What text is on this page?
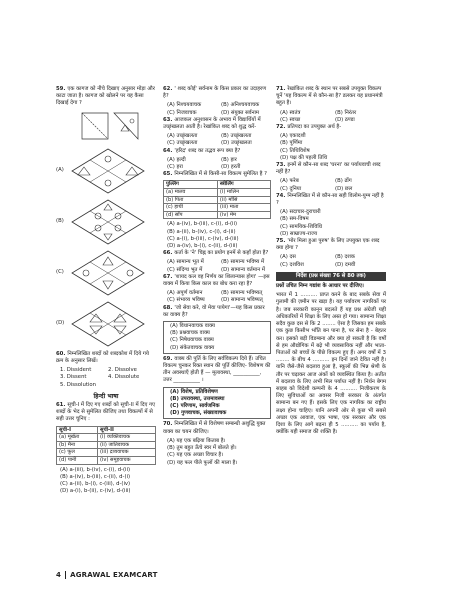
59. एक कागज को नीचे दिखाए अनुसार मोड़ा और काटा जाता है। कागज को खोलने पर यह कैसा दिखाई देगा ?
(A)
(B)
(C)
(D)
60. निम्नलिखित शब्दों को शब्दकोश में दिये गये क्रम के अनुसार लिखें।
1. Dissident	2. Dissolve
3. Dissent	4. Dissolute
5. Dissolution
हिन्दी भाषा
61. सूची-I में दिए गए शब्दों को सूची-II में दिए गए शब्दों के भेद से सुमेलित कीजिए तथा विकल्पों में से सही उत्तर चुनिए :
सूची-I	सूची-II
(a) मूर्खता	(i) व्यक्तिवाचक
(b) मैना	(ii) जातिवाचक
(c) फूल	(iii) द्रव्यवाचक
(d) पानी	(iv) समूहवाचक
(A) a-(iii), b-(iv), c-(i), d-(ii)
(B) a-(iv), b-(iii), c-(ii), d-(i)
(C) a-(ii), b-(i), c-(iii), d-(iv)
(D) a-(i), b-(ii), c-(iv), d-(iii)
62. ' शब्द कोई' सर्वनाम के किस प्रकार का उदाहरण है?
(A) निश्चयवाचक	(B) अनिश्चयवाचक
(C) निजवाचक	(D) संयुक्त सर्वनाम
63. आजकल अनुशासन के अभाव में विद्यार्थियों में उच्छृंखलता आती है। रेखांकित शब्द को शुद्ध करें-
(A) उच्छृंखलता	(B) उच्छृंखलता
(C) उच्छृंखलता	(D) उच्छृंखलता
64. 'हरिद्र' शब्द का तद्भव रूप क्या है?
(A) हल्दी	(B) हार
(C) हरा	(D) हरती
65. निम्नलिखित में से किसी-सा विकल्प सुमेलित है ?
पुल्लिंग	स्त्रीलिंग
(a) मालव	(i) मालिन
(b) पिता	(ii) माँसि
(c) हाथी	(iii) माता
(d) साँप	(iv) मेम
(A) a-(iv), b-(iii), c-(i), d-(ii)
(B) a-(ii), b-(iv), c-(i), d-(ii)
(C) a-(i), b-(iii), c-(iv), d-(iii)
(D) a-(iv), b-(i), c-(ii), d-(iii)
66. कर्ता के 'ने' चिह्न का प्रयोग इनमें से कहाँ होता है?
(A) सामान्य भूत में	(B) सामान्य भविष्य में
(C) संदिग्ध भूत में	(D) सामान्य वर्तमान में
67. 'शायद कल वह निर्णय का शिलान्यास होगा' —इस वाक्य में किया किस काल का बोध करा रहा है?
(A) अपूर्ण वर्तमान	(B) सामान्य भविष्यत्
(C) संभाव्य भविष्य	(D) सामान्य भविष्यत्
68. 'जो सेवा करे, वो मेवा पायेगा'—यह किस प्रकार का वाक्य है?
(A) विधानवाचक वाक्य
(B) प्रश्नवाचक वाक्य
(C) निषेधवाचक वाक्य
(D) संकेतवाचक वाक्य
69. वाक्य की पूर्ति के लिए सर्वविकल्प दिये हैं। उचित विकल्प चुनकर रिक्त स्थान की पूर्ति कीजिए- विशेषण की तीन अवस्थाएँ होती हैं — मूलावस्था, __________, उत्तर __________ ।
(A) विशेष, प्रतिविशेषण
(B) उपरावस्था, उत्तमावस्था
(C) परिणाम, सार्वजनिक
(D) गुणवाचक, संख्यावाचक
70. निम्नलिखित में से विशेषण सम्बन्धी अशुद्धि युक्त वाक्य का चयन कीजिए।
(A) यह एक बढ़िया किताब है।
(B) तुम बहुत ऊँचे स्वर में बोलते हो।
(C) यह एक अच्छा विचार है।
(D) यह फल पीले फूलों की माला है।
71. रेखांकित शब्द के स्थान पर सबसे उपयुक्त विकल्प चुनें 'यह विकल्प में से कौन-सा है? डलकर यह प्रधानमंत्री बहुत है।
(A) स्वतंत्र	(B) निरंतर
(C) स्वच्छ	(D) ठण्डा
72. प्रतिपदा का उपयुक्त अर्थ है-
(A) एकादशी
(B) पूर्णिमा
(C) तिथिविशेष
(D) पक्ष की पहली तिथि
73. इनमें से कौन-सा शब्द 'घरना' का पर्यायवाची शब्द नहीं है?
(A) फरेब	(B) ढोंग
(C) दुनिया	(D) छल
74. निम्नलिखित में से कौन-सा सही विलोम-युग्म नहीं है ?
(A) सदाचार-दुराचारी
(B) सम-विषम
(C) सामयिक-शिविधि
(D) साम्राज्य-राज्य
75. 'मोर मिला हुआ पुरुष' के लिए उपयुक्त एक शब्द क्या होगा ?
(A) दस	(B) दशक
(C) दशविश	(D) दमवी
निर्देश (प्रश्न संख्या 76 से 80 तक)
प्रश्नों उचित निम्न गद्यांश के आधार पर दीजिए।
भारत में 1 .......... प्राप्त करने के बाद सबके सेवा में गुलामी की ज़मीन पर खड़ा है। यह पर्यावरण नागरिकों पर है। जब सरकारी कानून बदलते हैं यह प्रश्न अंग्रेजी यही अधिकारियों में शिक्षा के लिए अस्त हो गया। सामान्य शिक्षा सदैव कुछ दस से कि 2 ........ ऐसा है जिसका हम सबके एक कुछ किसीभ भाँति बन पाना है, पर सेना है - बेहतर कर। इसको बड़ी विडम्बना और क्या हो सकती है कि वर्षों से हम औद्योगिक में बढ़े भी व्यवसायिक नहीं और भाता-पिताओं को बच्चों के पीछे विकल्प हुए हैं। अगर वर्षों में 3 ........ के बीच 4 .......... इन दिनों जाने देवित नहीं है। यानि जैसे-जैसे बदलाव हुआ है, स्कूलों की भिन्न श्रेणी के तौर पर चढ़ाकर आज अंकों को व्यवस्थित किया है। अतीत में बदलाव के लिए अभी मिल पर्याप्त नहीं है। निर्धन बेगम साहब को विदेशी कम्पनी के 4 .......... निजीकरण के लिए सुविधाओं का अवसर निजी सरकार के अंतर्गत सामान्य बन गए हैं। इसके लिए एक नागरिक का राष्ट्रीय लक्ष्य होना चाहिए। यानि अपनी ओर से कुछ भी सबसे अच्छा एक आवाज, एक भाषा, एक सरकार और एक दिशा के लिए आगे बढ़ना ही 5 .......... का पर्याय है, क्योंकि यही समाज की शक्ति है।
4 AGRAWAL EXAMCART
